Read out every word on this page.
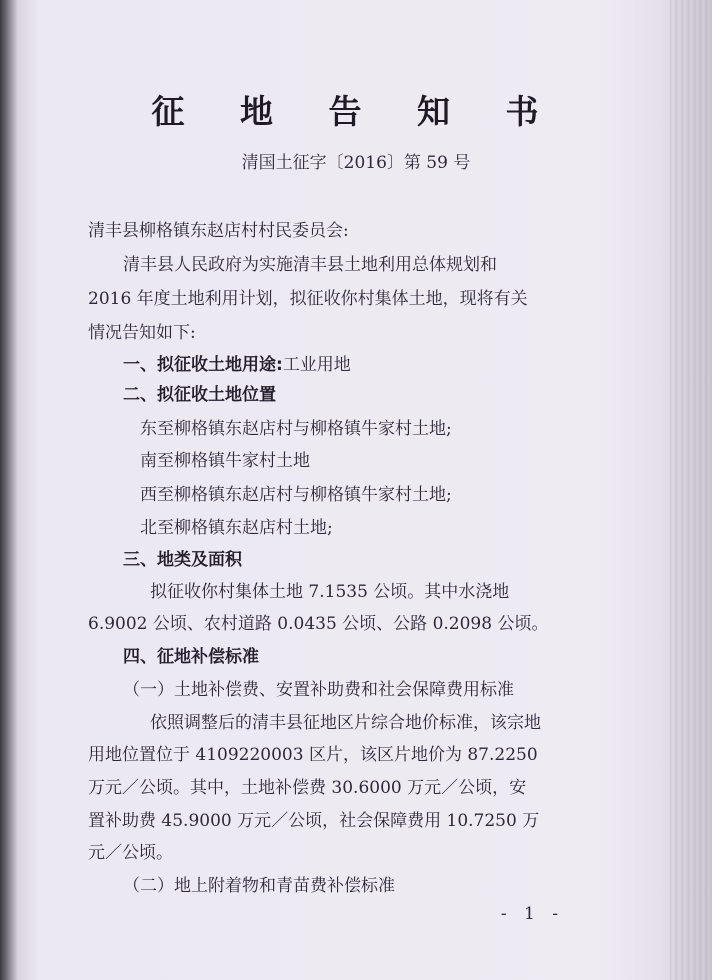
征 地 告 知 书
清国土征字〔2016〕第 59 号
清丰县柳格镇东赵店村村民委员会:
清丰县人民政府为实施清丰县土地利用总体规划和
2016 年度土地利用计划，拟征收你村集体土地，现将有关
情况告知如下:
一、拟征收土地用途:工业用地
二、拟征收土地位置
东至柳格镇东赵店村与柳格镇牛家村土地;
南至柳格镇牛家村土地
西至柳格镇东赵店村与柳格镇牛家村土地;
北至柳格镇东赵店村土地;
三、地类及面积
拟征收你村集体土地 7.1535 公顷。其中水浇地
6.9002 公顷、农村道路 0.0435 公顷、公路 0.2098 公顷。
四、征地补偿标准
（一）土地补偿费、安置补助费和社会保障费用标准
依照调整后的清丰县征地区片综合地价标准，该宗地
用地位置位于 4109220003 区片，该区片地价为 87.2250
万元／公顷。其中，土地补偿费 30.6000 万元／公顷，安
置补助费 45.9000 万元／公顷，社会保障费用 10.7250 万
元／公顷。
（二）地上附着物和青苗费补偿标准
- 1 -
